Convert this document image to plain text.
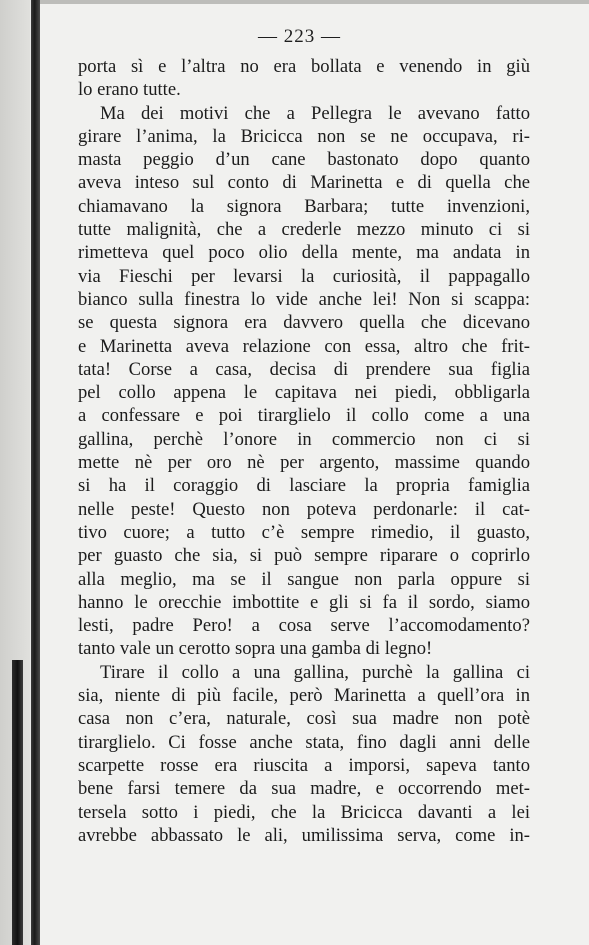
— 223 —
porta sì e l’altra no era bollata e venendo in giù
lo erano tutte.
Ma dei motivi che a Pellegra le avevano fatto
girare l’anima, la Bricicca non se ne occupava, ri-
masta peggio d’un cane bastonato dopo quanto
aveva inteso sul conto di Marinetta e di quella che
chiamavano la signora Barbara; tutte invenzioni,
tutte malignità, che a crederle mezzo minuto ci si
rimetteva quel poco olio della mente, ma andata in
via Fieschi per levarsi la curiosità, il pappagallo
bianco sulla finestra lo vide anche lei! Non si scappa:
se questa signora era davvero quella che dicevano
e Marinetta aveva relazione con essa, altro che frit-
tata! Corse a casa, decisa di prendere sua figlia
pel collo appena le capitava nei piedi, obbligarla
a confessare e poi tirarglielo il collo come a una
gallina, perchè l’onore in commercio non ci si
mette nè per oro nè per argento, massime quando
si ha il coraggio di lasciare la propria famiglia
nelle peste! Questo non poteva perdonarle: il cat-
tivo cuore; a tutto c’è sempre rimedio, il guasto,
per guasto che sia, si può sempre riparare o coprirlo
alla meglio, ma se il sangue non parla oppure si
hanno le orecchie imbottite e gli si fa il sordo, siamo
lesti, padre Pero! a cosa serve l’accomodamento?
tanto vale un cerotto sopra una gamba di legno!
Tirare il collo a una gallina, purchè la gallina ci
sia, niente di più facile, però Marinetta a quell’ora in
casa non c’era, naturale, così sua madre non potè
tirarglielo. Ci fosse anche stata, fino dagli anni delle
scarpette rosse era riuscita a imporsi, sapeva tanto
bene farsi temere da sua madre, e occorrendo met-
tersela sotto i piedi, che la Bricicca davanti a lei
avrebbe abbassato le ali, umilissima serva, come in-
